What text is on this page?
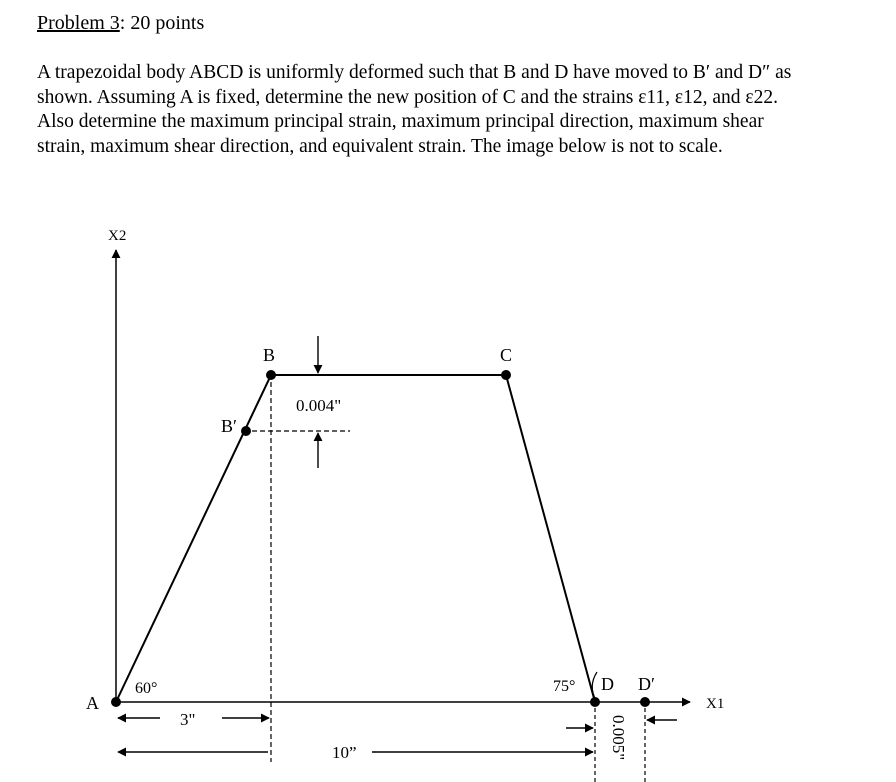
Problem 3: 20 points
A trapezoidal body ABCD is uniformly deformed such that B and D have moved to B′ and D″ as
shown. Assuming A is fixed, determine the new position of C and the strains ε11, ε12, and ε22.
Also determine the maximum principal strain, maximum principal direction, maximum shear
strain, maximum shear direction, and equivalent strain. The image below is not to scale.
X2
X1
A
B	C
B′
D D′
60°	75°
0.004"
0.005"
3"
10”
